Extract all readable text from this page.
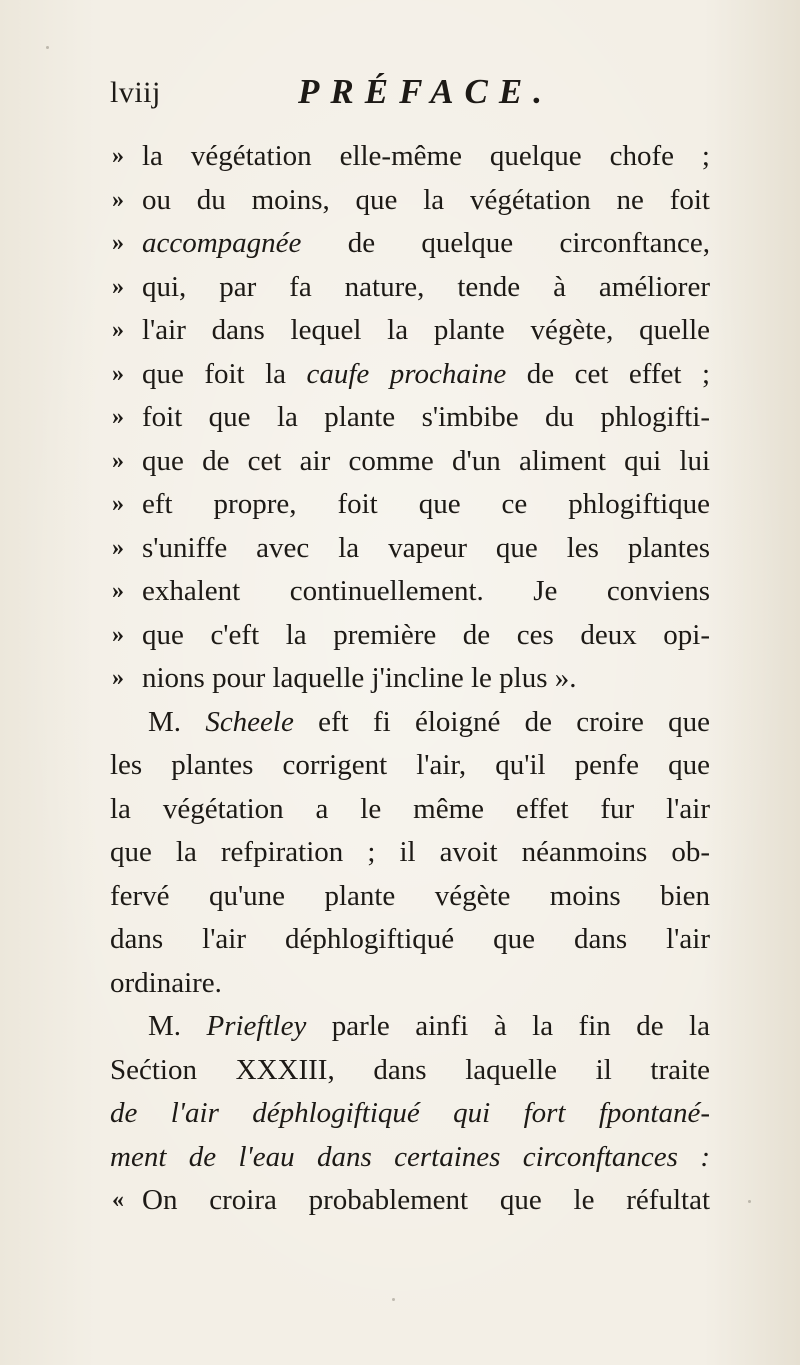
lviij	PRÉFACE.
» la végétation elle-même quelque chofe ;
» ou du moins, que la végétation ne foit
» accompagnée de quelque circonftance,
» qui, par fa nature, tende à améliorer
» l'air dans lequel la plante végète, quelle
» que foit la caufe prochaine de cet effet ;
» foit que la plante s'imbibe du phlogifti-
» que de cet air comme d'un aliment qui lui
» eft propre, foit que ce phlogiftique
» s'uniffe avec la vapeur que les plantes
» exhalent continuellement. Je conviens
» que c'eft la première de ces deux opi-
» nions pour laquelle j'incline le plus ».
M. Scheele eft fi éloigné de croire que
les plantes corrigent l'air, qu'il penfe que
la végétation a le même effet fur l'air
que la refpiration ; il avoit néanmoins ob-
fervé qu'une plante végète moins bien
dans l'air déphlogiftiqué que dans l'air
ordinaire.
M. Prieftley parle ainfi à la fin de la
Sećtion XXXIII, dans laquelle il traite
de l'air déphlogiftiqué qui fort fpontané-
ment de l'eau dans certaines circonftances :
« On croira probablement que le réfultat
